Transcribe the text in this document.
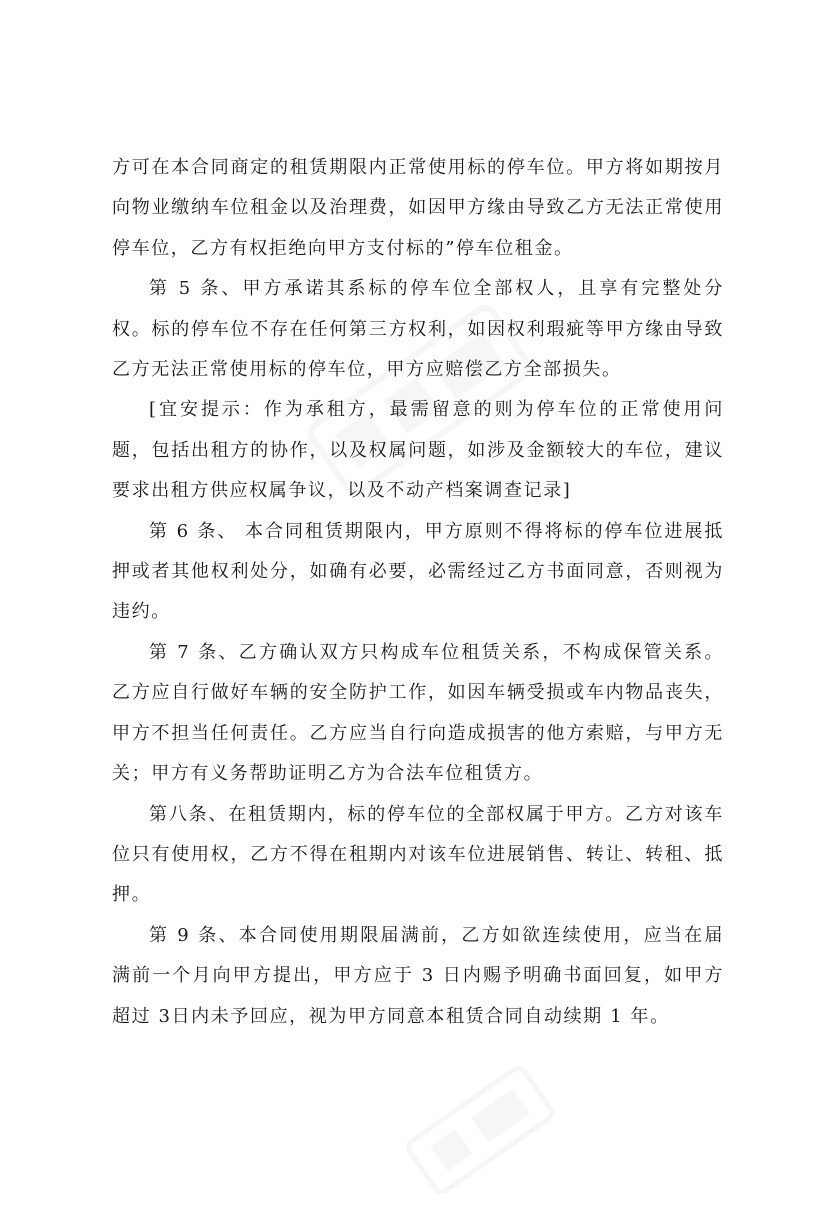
方可在本合同商定的租赁期限内正常使用标的停车位。甲方将如期按月向物业缴纳车位租金以及治理费，如因甲方缘由导致乙方无法正常使用停车位，乙方有权拒绝向甲方支付标的”停车位租金。

第 5 条、甲方承诺其系标的停车位全部权人，且享有完整处分权。标的停车位不存在任何第三方权利，如因权利瑕疵等甲方缘由导致乙方无法正常使用标的停车位，甲方应赔偿乙方全部损失。

[宜安提示：作为承租方，最需留意的则为停车位的正常使用问题，包括出租方的协作，以及权属问题，如涉及金额较大的车位，建议要求出租方供应权属争议，以及不动产档案调查记录]

第 6 条、 本合同租赁期限内，甲方原则不得将标的停车位进展抵押或者其他权利处分，如确有必要，必需经过乙方书面同意，否则视为违约。

第 7 条、乙方确认双方只构成车位租赁关系，不构成保管关系。乙方应自行做好车辆的安全防护工作，如因车辆受损或车内物品丧失，甲方不担当任何责任。乙方应当自行向造成损害的他方索赔，与甲方无关；甲方有义务帮助证明乙方为合法车位租赁方。

第八条、在租赁期内，标的停车位的全部权属于甲方。乙方对该车位只有使用权，乙方不得在租期内对该车位进展销售、转让、转租、抵押。

第 9 条、本合同使用期限届满前，乙方如欲连续使用，应当在届满前一个月向甲方提出，甲方应于 3 日内赐予明确书面回复，如甲方超过 3日内未予回应，视为甲方同意本租赁合同自动续期 1 年。
